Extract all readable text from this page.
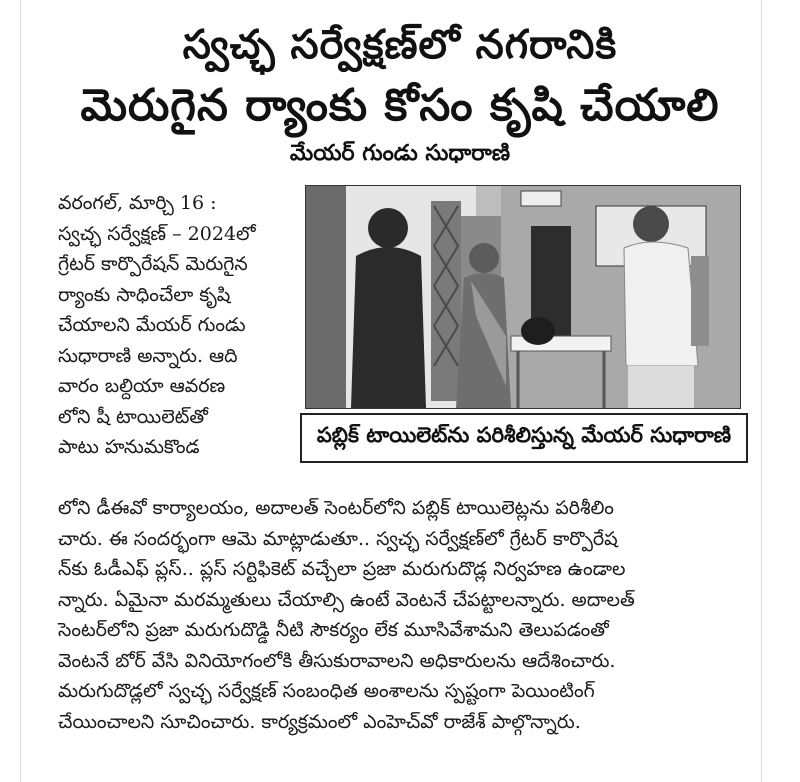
స్వచ్ఛ సర్వేక్షణ్‌లో నగరానికి
మెరుగైన ర్యాంకు కోసం కృషి చేయాలి
మేయర్ గుండు సుధారాణి
వరంగల్, మార్చి 16 :
స్వచ్ఛ సర్వేక్షణ్ – 2024లో
గ్రేటర్ కార్పొరేషన్ మెరుగైన
ర్యాంకు సాధించేలా కృషి
చేయాలని మేయర్ గుండు
సుధారాణి అన్నారు. ఆది
వారం బల్దియా ఆవరణ
లోని షీ టాయిలెట్‌తో
పాటు హనుమకొండ	పబ్లిక్ టాయిలెట్‌ను పరిశీలిస్తున్న మేయర్ సుధారాణి
లోని డీఈవో కార్యాలయం, అదాలత్ సెంటర్‌లోని పబ్లిక్ టాయిలెట్లను పరిశీలిం
చారు. ఈ సందర్భంగా ఆమె మాట్లాడుతూ.. స్వచ్ఛ సర్వేక్షణ్‌లో గ్రేటర్ కార్పొరేష
న్‌కు ఓడీఎఫ్ ప్లస్.. ప్లస్ సర్టిఫికెట్ వచ్చేలా ప్రజా మరుగుదొడ్ల నిర్వహణ ఉండాల
న్నారు. ఏమైనా మరమ్మతులు చేయాల్సి ఉంటే వెంటనే చేపట్టాలన్నారు. అదాలత్
సెంటర్‌లోని ప్రజా మరుగుదొడ్డి నీటి సౌకర్యం లేక మూసివేశామని తెలుపడంతో
వెంటనే బోర్ వేసి వినియోగంలోకి తీసుకురావాలని అధికారులను ఆదేశించారు.
మరుగుదొడ్లలో స్వచ్ఛ సర్వేక్షణ్ సంబంధిత అంశాలను స్పష్టంగా పెయింటింగ్
చేయించాలని సూచించారు. కార్యక్రమంలో ఎంహెచ్‌వో రాజేశ్ పాల్గొన్నారు.
